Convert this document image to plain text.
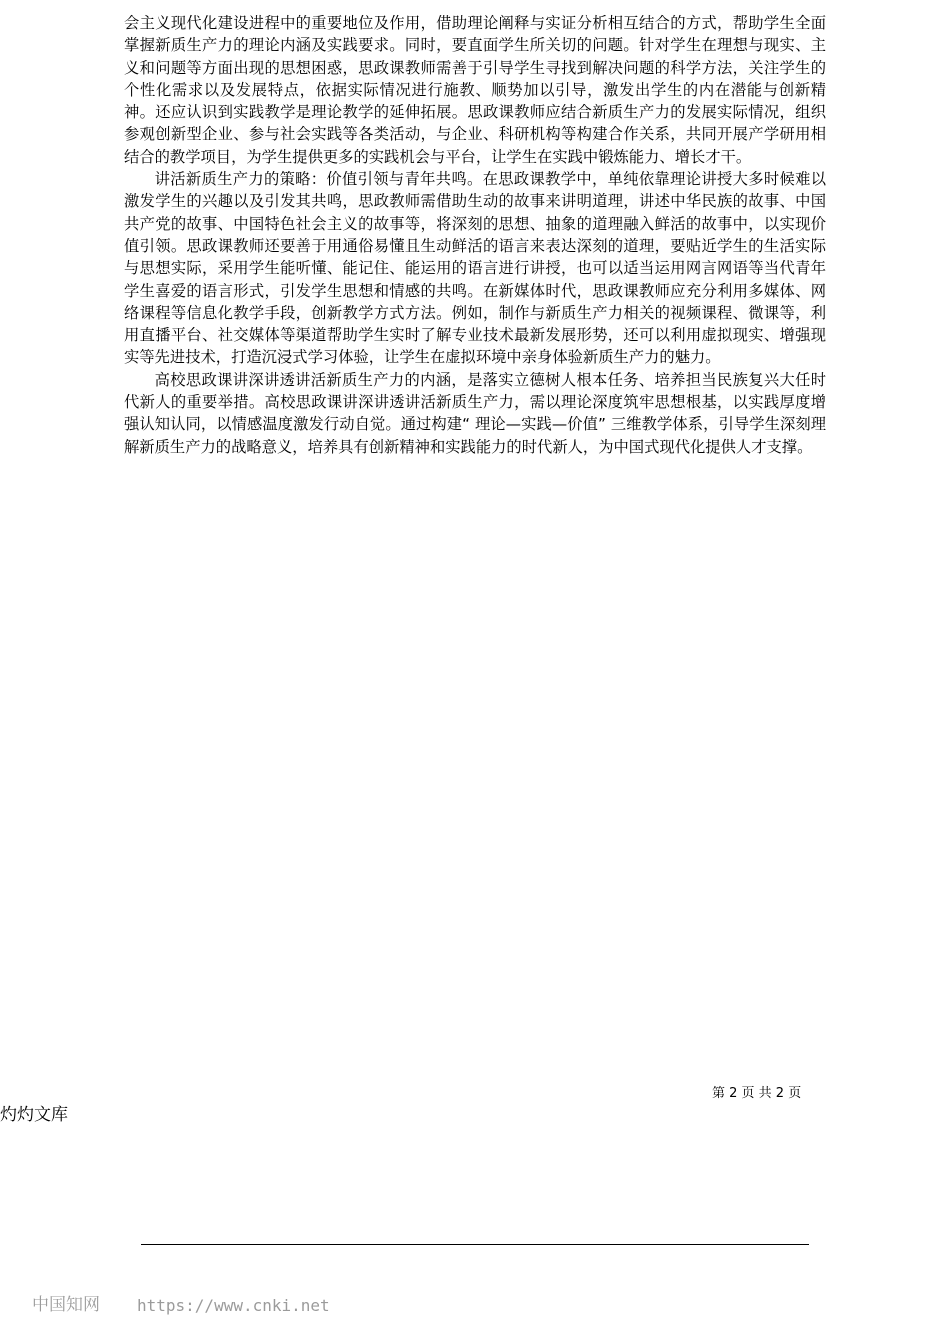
会主义现代化建设进程中的重要地位及作用，借助理论阐释与实证分析相互结合的方式，帮助学生全面掌握新质生产力的理论内涵及实践要求。同时，要直面学生所关切的问题。针对学生在理想与现实、主义和问题等方面出现的思想困惑，思政课教师需善于引导学生寻找到解决问题的科学方法，关注学生的个性化需求以及发展特点，依据实际情况进行施教、顺势加以引导，激发出学生的内在潜能与创新精神。还应认识到实践教学是理论教学的延伸拓展。思政课教师应结合新质生产力的发展实际情况，组织参观创新型企业、参与社会实践等各类活动，与企业、科研机构等构建合作关系，共同开展产学研用相结合的教学项目，为学生提供更多的实践机会与平台，让学生在实践中锻炼能力、增长才干。

讲活新质生产力的策略：价值引领与青年共鸣。在思政课教学中，单纯依靠理论讲授大多时候难以激发学生的兴趣以及引发其共鸣，思政教师需借助生动的故事来讲明道理，讲述中华民族的故事、中国共产党的故事、中国特色社会主义的故事等，将深刻的思想、抽象的道理融入鲜活的故事中，以实现价值引领。思政课教师还要善于用通俗易懂且生动鲜活的语言来表达深刻的道理，要贴近学生的生活实际与思想实际，采用学生能听懂、能记住、能运用的语言进行讲授，也可以适当运用网言网语等当代青年学生喜爱的语言形式，引发学生思想和情感的共鸣。在新媒体时代，思政课教师应充分利用多媒体、网络课程等信息化教学手段，创新教学方式方法。例如，制作与新质生产力相关的视频课程、微课等，利用直播平台、社交媒体等渠道帮助学生实时了解专业技术最新发展形势，还可以利用虚拟现实、增强现实等先进技术，打造沉浸式学习体验，让学生在虚拟环境中亲身体验新质生产力的魅力。

高校思政课讲深讲透讲活新质生产力的内涵，是落实立德树人根本任务、培养担当民族复兴大任时代新人的重要举措。高校思政课讲深讲透讲活新质生产力，需以理论深度筑牢思想根基，以实践厚度增强认知认同，以情感温度激发行动自觉。通过构建“ 理论—实践—价值” 三维教学体系，引导学生深刻理解新质生产力的战略意义，培养具有创新精神和实践能力的时代新人，为中国式现代化提供人才支撑。

第 2 页 共 2 页
灼灼文库
中国知网 https://www.cnki.net
